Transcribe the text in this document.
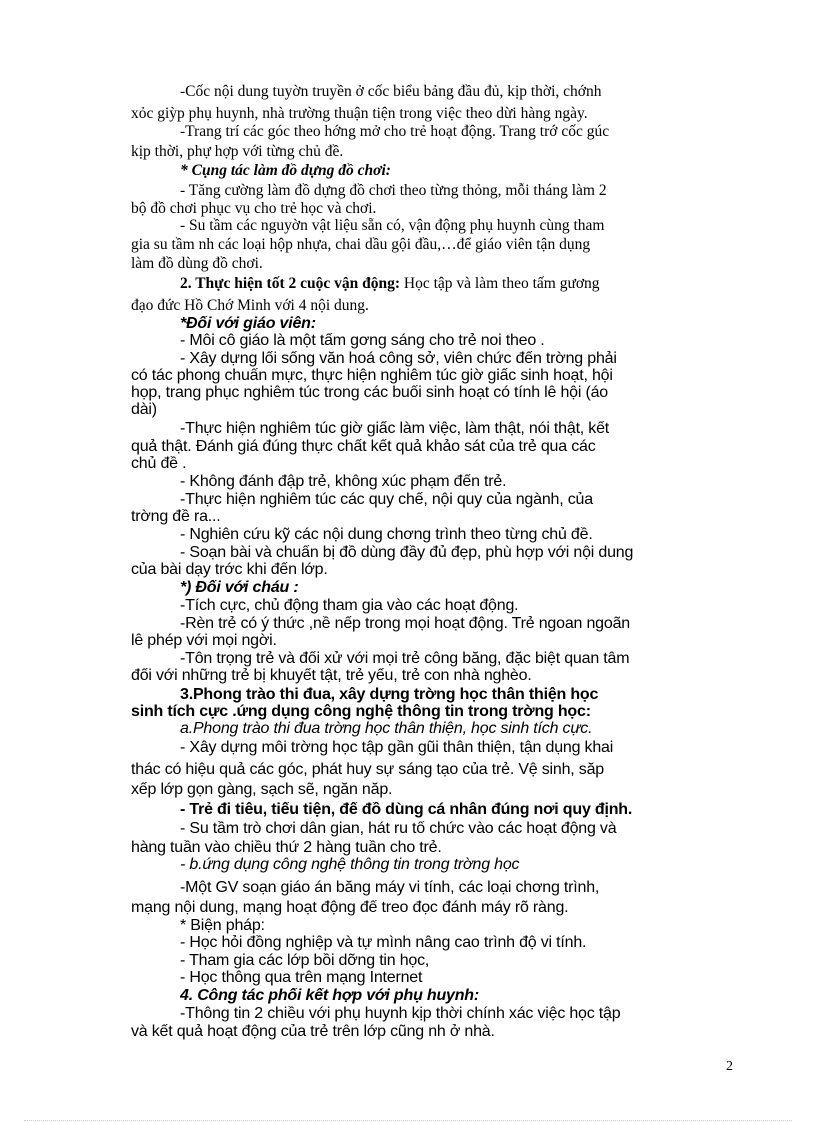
-Cốc nội dung tuyờn truyền ở cốc biểu bảng đầu đủ, kịp thời, chớnh
xỏc giỳp phụ huynh, nhà trường thuận tiện trong việc theo dừi hàng ngày.
-Trang trí các góc theo hớng mở cho trẻ hoạt động. Trang trớ cốc gúc
kịp thời, phự hợp với từng chủ đề.
* Cụng tác làm đồ dựng đồ chơi:
- Tăng cường làm đồ dựng đồ chơi theo từng thỏng, mỗi tháng làm 2
bộ đồ chơi phục vụ cho trẻ học và chơi.
- Su tầm các nguyờn vật liệu sẵn có, vận động phụ huynh cùng tham
gia su tầm nh các loại hộp nhựa, chai dầu gội đầu,…để giáo viên tận dụng
làm đồ dùng đồ chơi.
2. Thực hiện tốt 2 cuộc vận động: Học tập và làm theo tấm gương
đạo đức Hồ Chớ Minh với 4 nội dung.
*Đối với giáo viên:
- Mỗi cô giáo là một tấm gơng sáng cho trẻ noi theo .
- Xây dựng lối sống văn hoá công sở, viên chức đến trờng phải
có tác phong chuẩn mực, thực hiện nghiêm túc giờ giấc sinh hoạt, hội
họp, trang phục nghiêm túc trong các buổi sinh hoạt có tính lễ hội (áo
dài)
-Thực hiện nghiêm túc giờ giấc làm việc, làm thật, nói thật, kết
quả thật. Đánh giá đúng thực chất kết quả khảo sát của trẻ qua các
chủ đề .
- Không đánh đập trẻ, không xúc phạm đến trẻ.
-Thực hiện nghiêm túc các quy chế, nội quy của ngành, của
trờng đề ra...
- Nghiên cứu kỹ các nội dung chơng trình theo từng chủ đề.
- Soạn bài và chuẩn bị đồ dùng đầy đủ đẹp, phù hợp với nội dung
của bài dạy trớc khi đến lớp.
*) Đối với cháu :
-Tích cực, chủ động tham gia vào các hoạt động.
-Rèn trẻ có ý thức ,nề nếp trong mọi hoạt động. Trẻ ngoan ngoãn
lễ phép với mọi ngời.
-Tôn trọng trẻ và đối xử với mọi trẻ công bằng, đặc biệt quan tâm
đối với những trẻ bị khuyết tật, trẻ yếu, trẻ con nhà nghèo.
3.Phong trào thi đua, xây dựng trờng học thân thiện học
sinh tích cực .ứng dụng công nghệ thông tin trong trờng học:
a.Phong trào thi đua trờng học thân thiện, học sinh tích cực.
- Xây dựng môi trờng học tập gần gũi thân thiện, tận dụng khai
thác có hiệu quả các góc, phát huy sự sáng tạo của trẻ. Vệ sinh, sắp
xếp lớp gọn gàng, sạch sẽ, ngăn nắp.
- Trẻ đi tiêu, tiểu tiện, để đồ dùng cá nhân đúng nơi quy định.
- Su tầm trò chơi dân gian, hát ru tổ chức vào các hoạt động và
hàng tuần vào chiều thứ 2 hàng tuần cho trẻ.
- b.ứng dụng công nghệ thông tin trong trờng học
-Một GV soạn giáo án bằng máy vi tính, các loại chơng trình,
mạng nội dung, mạng hoạt động để treo đọc đánh máy rõ ràng.
* Biện pháp:
- Học hỏi đồng nghiệp và tự mình nâng cao trình độ vi tính.
- Tham gia các lớp bồi dỡng tin học,
- Học thông qua trên mạng Internet
4. Công tác phối kết hợp với phụ huynh:
-Thông tin 2 chiều với phụ huynh kịp thời chính xác việc học tập
và kết quả hoạt động của trẻ trên lớp cũng nh ở nhà.
2
